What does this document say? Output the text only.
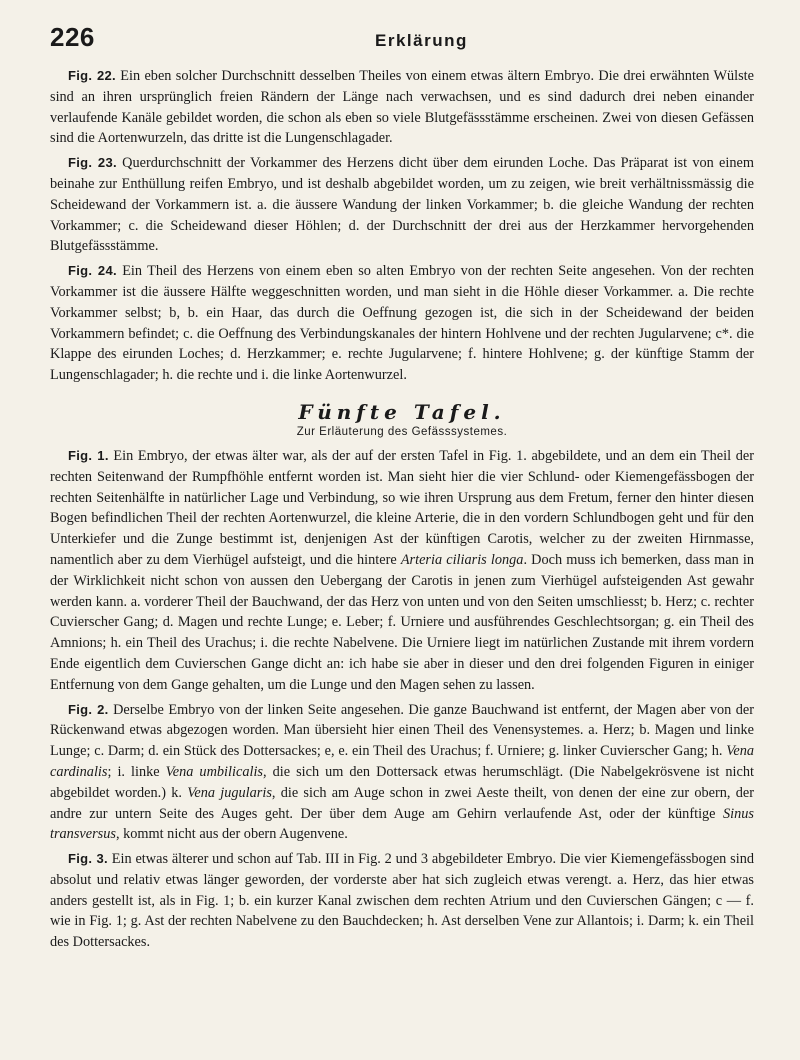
226	Erklärung

Fig. 22. Ein eben solcher Durchschnitt desselben Theiles von einem etwas ältern Embryo. Die drei erwähnten Wülste sind an ihren ursprünglich freien Rändern der Länge nach verwachsen, und es sind dadurch drei neben einander verlaufende Kanäle gebildet worden, die schon als eben so viele Blutgefässstämme erscheinen. Zwei von diesen Gefässen sind die Aortenwurzeln, das dritte ist die Lungenschlagader.

Fig. 23. Querdurchschnitt der Vorkammer des Herzens dicht über dem eirunden Loche. Das Präparat ist von einem beinahe zur Enthüllung reifen Embryo, und ist deshalb abgebildet worden, um zu zeigen, wie breit verhältnissmässig die Scheidewand der Vorkammern ist. a. die äussere Wandung der linken Vorkammer; b. die gleiche Wandung der rechten Vorkammer; c. die Scheidewand dieser Höhlen; d. der Durchschnitt der drei aus der Herzkammer hervorgehenden Blutgefässstämme.

Fig. 24. Ein Theil des Herzens von einem eben so alten Embryo von der rechten Seite angesehen. Von der rechten Vorkammer ist die äussere Hälfte weggeschnitten worden, und man sieht in die Höhle dieser Vorkammer. a. Die rechte Vorkammer selbst; b, b. ein Haar, das durch die Oeffnung gezogen ist, die sich in der Scheidewand der beiden Vorkammern befindet; c. die Oeffnung des Verbindungskanales der hintern Hohlvene und der rechten Jugularvene; c*. die Klappe des eirunden Loches; d. Herzkammer; e. rechte Jugularvene; f. hintere Hohlvene; g. der künftige Stamm der Lungenschlagader; h. die rechte und i. die linke Aortenwurzel.

Fünfte Tafel.
Zur Erläuterung des Gefässsystemes.

Fig. 1. Ein Embryo, der etwas älter war, als der auf der ersten Tafel in Fig. 1. abgebildete, und an dem ein Theil der rechten Seitenwand der Rumpfhöhle entfernt worden ist. Man sieht hier die vier Schlund- oder Kiemengefässbogen der rechten Seitenhälfte in natürlicher Lage und Verbindung, so wie ihren Ursprung aus dem Fretum, ferner den hinter diesen Bogen befindlichen Theil der rechten Aortenwurzel, die kleine Arterie, die in den vordern Schlundbogen geht und für den Unterkiefer und die Zunge bestimmt ist, denjenigen Ast der künftigen Carotis, welcher zu der zweiten Hirnmasse, namentlich aber zu dem Vierhügel aufsteigt, und die hintere Arteria ciliaris longa. Doch muss ich bemerken, dass man in der Wirklichkeit nicht schon von aussen den Uebergang der Carotis in jenen zum Vierhügel aufsteigenden Ast gewahr werden kann. a. vorderer Theil der Bauchwand, der das Herz von unten und von den Seiten umschliesst; b. Herz; c. rechter Cuvierscher Gang; d. Magen und rechte Lunge; e. Leber; f. Urniere und ausführendes Geschlechtsorgan; g. ein Theil des Amnions; h. ein Theil des Urachus; i. die rechte Nabelvene. Die Urniere liegt im natürlichen Zustande mit ihrem vordern Ende eigentlich dem Cuvierschen Gange dicht an: ich habe sie aber in dieser und den drei folgenden Figuren in einiger Entfernung von dem Gange gehalten, um die Lunge und den Magen sehen zu lassen.

Fig. 2. Derselbe Embryo von der linken Seite angesehen. Die ganze Bauchwand ist entfernt, der Magen aber von der Rückenwand etwas abgezogen worden. Man übersieht hier einen Theil des Venensystemes. a. Herz; b. Magen und linke Lunge; c. Darm; d. ein Stück des Dottersackes; e, e. ein Theil des Urachus; f. Urniere; g. linker Cuvierscher Gang; h. Vena cardinalis; i. linke Vena umbilicalis, die sich um den Dottersack etwas herumschlägt. (Die Nabelgekrösvene ist nicht abgebildet worden.) k. Vena jugularis, die sich am Auge schon in zwei Aeste theilt, von denen der eine zur obern, der andre zur untern Seite des Auges geht. Der über dem Auge am Gehirn verlaufende Ast, oder der künftige Sinus transversus, kommt nicht aus der obern Augenvene.

Fig. 3. Ein etwas älterer und schon auf Tab. III in Fig. 2 und 3 abgebildeter Embryo. Die vier Kiemengefässbogen sind absolut und relativ etwas länger geworden, der vorderste aber hat sich zugleich etwas verengt. a. Herz, das hier etwas anders gestellt ist, als in Fig. 1; b. ein kurzer Kanal zwischen dem rechten Atrium und den Cuvierschen Gängen; c — f. wie in Fig. 1; g. Ast der rechten Nabelvene zu den Bauchdecken; h. Ast derselben Vene zur Allantois; i. Darm; k. ein Theil des Dottersackes.
